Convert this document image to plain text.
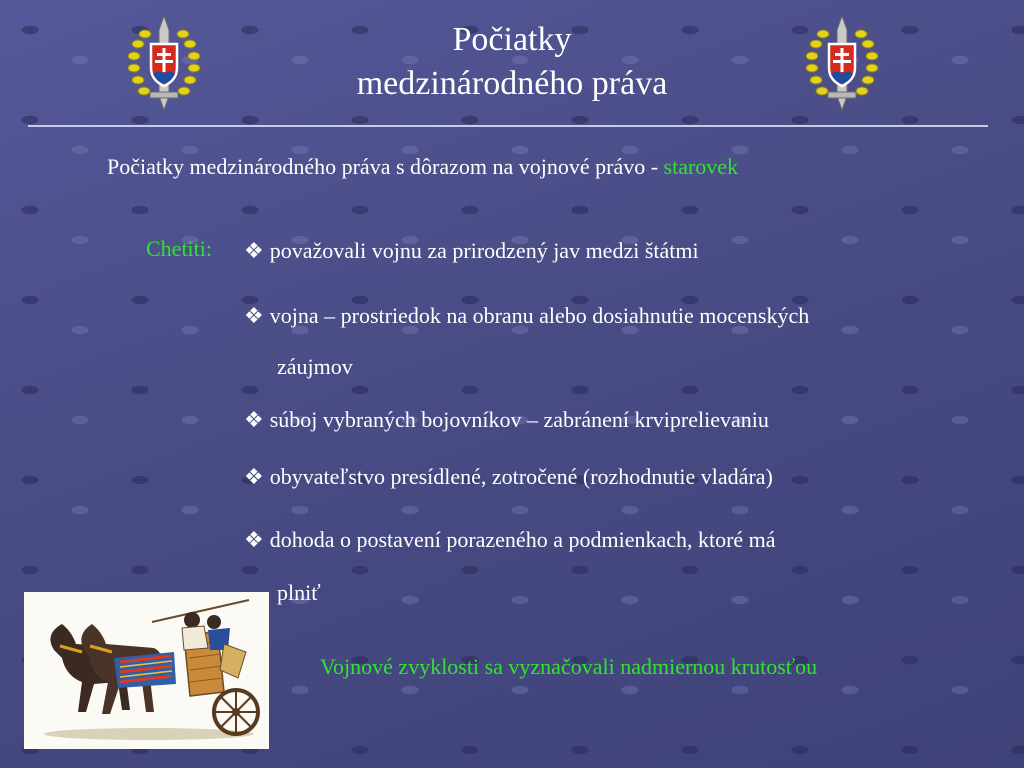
Počiatky
medzinárodného práva
Počiatky medzinárodného práva s dôrazom na vojnové právo - starovek
Chetiti: ❖ považovali vojnu za prirodzený jav medzi štátmi
❖ vojna – prostriedok na obranu alebo dosiahnutie mocenských
záujmov
❖ súboj vybraných bojovníkov – zabránení krviprelievaniu
❖ obyvateľstvo presídlené, zotročené (rozhodnutie vladára)
❖ dohoda o postavení porazeného a podmienkach, ktoré má
plniť
Vojnové zvyklosti sa vyznačovali nadmiernou krutosťou
